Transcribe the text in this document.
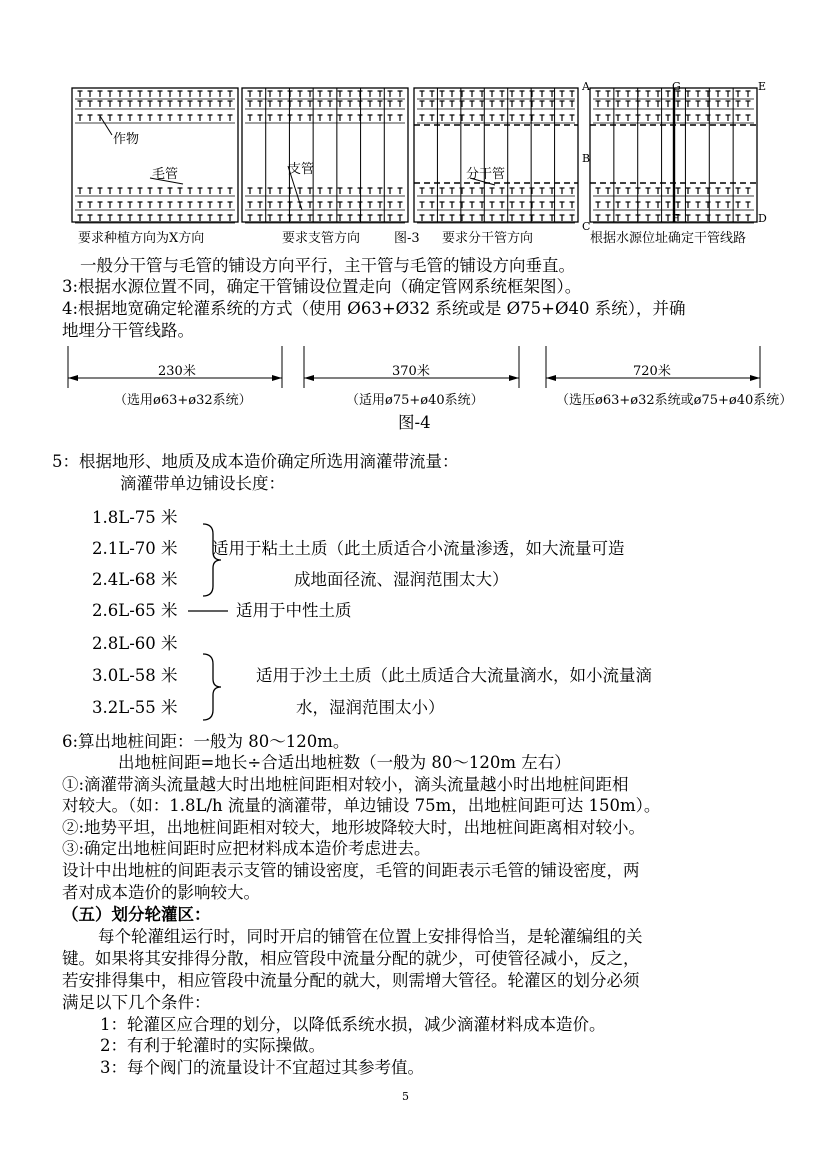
作物
毛管	支管	分干管
A	G	E
B
C
F	D
要求种植方向为X方向	要求支管方向	图-3 要求分干管方向	根据水源位址确定干管线路
一般分干管与毛管的铺设方向平行，主干管与毛管的铺设方向垂直。
3:根据水源位置不同，确定干管铺设位置走向（确定管网系统框架图）。
4:根据地宽确定轮灌系统的方式（使用 Ø63+Ø32 系统或是 Ø75+Ø40 系统），并确
地埋分干管线路。
230米	370米	720米
（选用ø63+ø32系统）	（适用ø75+ø40系统）	（选压ø63+ø32系统或ø75+ø40系统）
图-4
5：根据地形、地质及成本造价确定所选用滴灌带流量：
滴灌带单边铺设长度：
1.8L-75 米
2.1L-70 米
2.4L-68 米
2.6L-65 米
2.8L-60 米
3.0L-58 米
3.2L-55 米
适用于粘土土质（此土质适合小流量渗透，如大流量可造
成地面径流、湿润范围太大）
适用于中性土质
适用于沙土土质（此土质适合大流量滴水，如小流量滴
水，湿润范围太小）
6:算出地桩间距：一般为 80～120m。
出地桩间距=地长÷合适出地桩数（一般为 80～120m 左右）
①:滴灌带滴头流量越大时出地桩间距相对较小，滴头流量越小时出地桩间距相
对较大。（如：1.8L/h 流量的滴灌带，单边铺设 75m，出地桩间距可达 150m）。
②:地势平坦，出地桩间距相对较大，地形坡降较大时，出地桩间距离相对较小。
③:确定出地桩间距时应把材料成本造价考虑进去。
设计中出地桩的间距表示支管的铺设密度，毛管的间距表示毛管的铺设密度，两
者对成本造价的影响较大。
（五）划分轮灌区：
每个轮灌组运行时，同时开启的铺管在位置上安排得恰当，是轮灌编组的关
键。如果将其安排得分散，相应管段中流量分配的就少，可使管径减小，反之，
若安排得集中，相应管段中流量分配的就大，则需增大管径。轮灌区的划分必须
满足以下几个条件：
1：轮灌区应合理的划分，以降低系统水损，减少滴灌材料成本造价。
2：有利于轮灌时的实际操做。
3：每个阀门的流量设计不宜超过其参考值。
5
